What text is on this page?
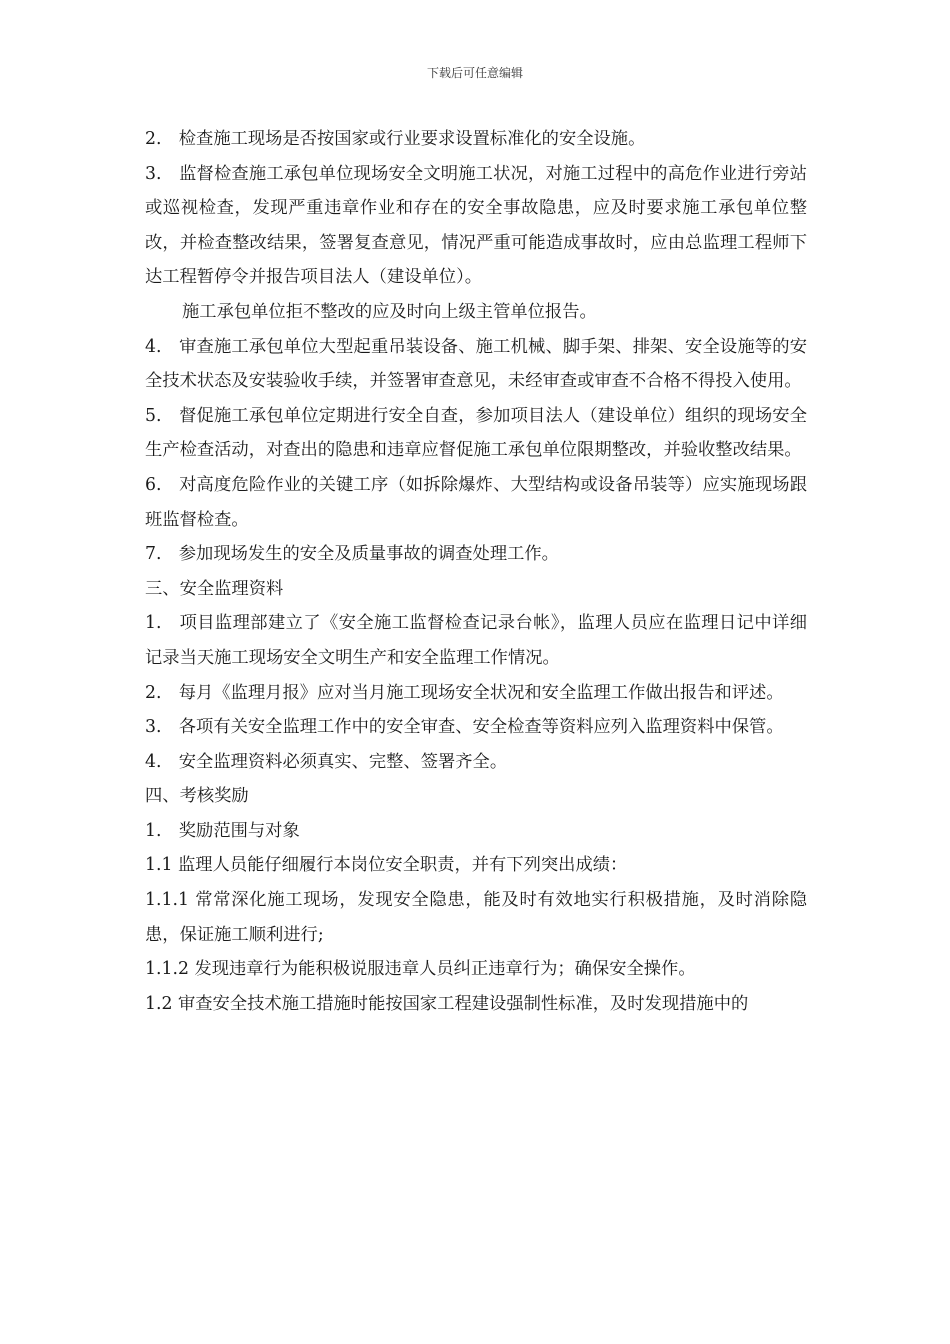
下载后可任意编辑

2.　检查施工现场是否按国家或行业要求设置标准化的安全设施。

3.　监督检查施工承包单位现场安全文明施工状况，对施工过程中的高危作业进行旁站或巡视检查，发现严重违章作业和存在的安全事故隐患，应及时要求施工承包单位整改，并检查整改结果，签署复查意见，情况严重可能造成事故时，应由总监理工程师下达工程暂停令并报告项目法人（建设单位）。

施工承包单位拒不整改的应及时向上级主管单位报告。

4.　审查施工承包单位大型起重吊装设备、施工机械、脚手架、排架、安全设施等的安全技术状态及安装验收手续，并签署审查意见，未经审查或审查不合格不得投入使用。

5.　督促施工承包单位定期进行安全自查，参加项目法人（建设单位）组织的现场安全生产检查活动，对查出的隐患和违章应督促施工承包单位限期整改，并验收整改结果。

6.　对高度危险作业的关键工序（如拆除爆炸、大型结构或设备吊装等）应实施现场跟班监督检查。

7.　参加现场发生的安全及质量事故的调查处理工作。

三、安全监理资料

1.　项目监理部建立了《安全施工监督检查记录台帐》，监理人员应在监理日记中详细记录当天施工现场安全文明生产和安全监理工作情况。

2.　每月《监理月报》应对当月施工现场安全状况和安全监理工作做出报告和评述。

3.　各项有关安全监理工作中的安全审查、安全检查等资料应列入监理资料中保管。

4.　安全监理资料必须真实、完整、签署齐全。

四、考核奖励

1.　奖励范围与对象

1.1 监理人员能仔细履行本岗位安全职责，并有下列突出成绩：

1.1.1 常常深化施工现场，发现安全隐患，能及时有效地实行积极措施，及时消除隐患，保证施工顺利进行;

1.1.2 发现违章行为能积极说服违章人员纠正违章行为；确保安全操作。

1.2 审查安全技术施工措施时能按国家工程建设强制性标准，及时发现措施中的
